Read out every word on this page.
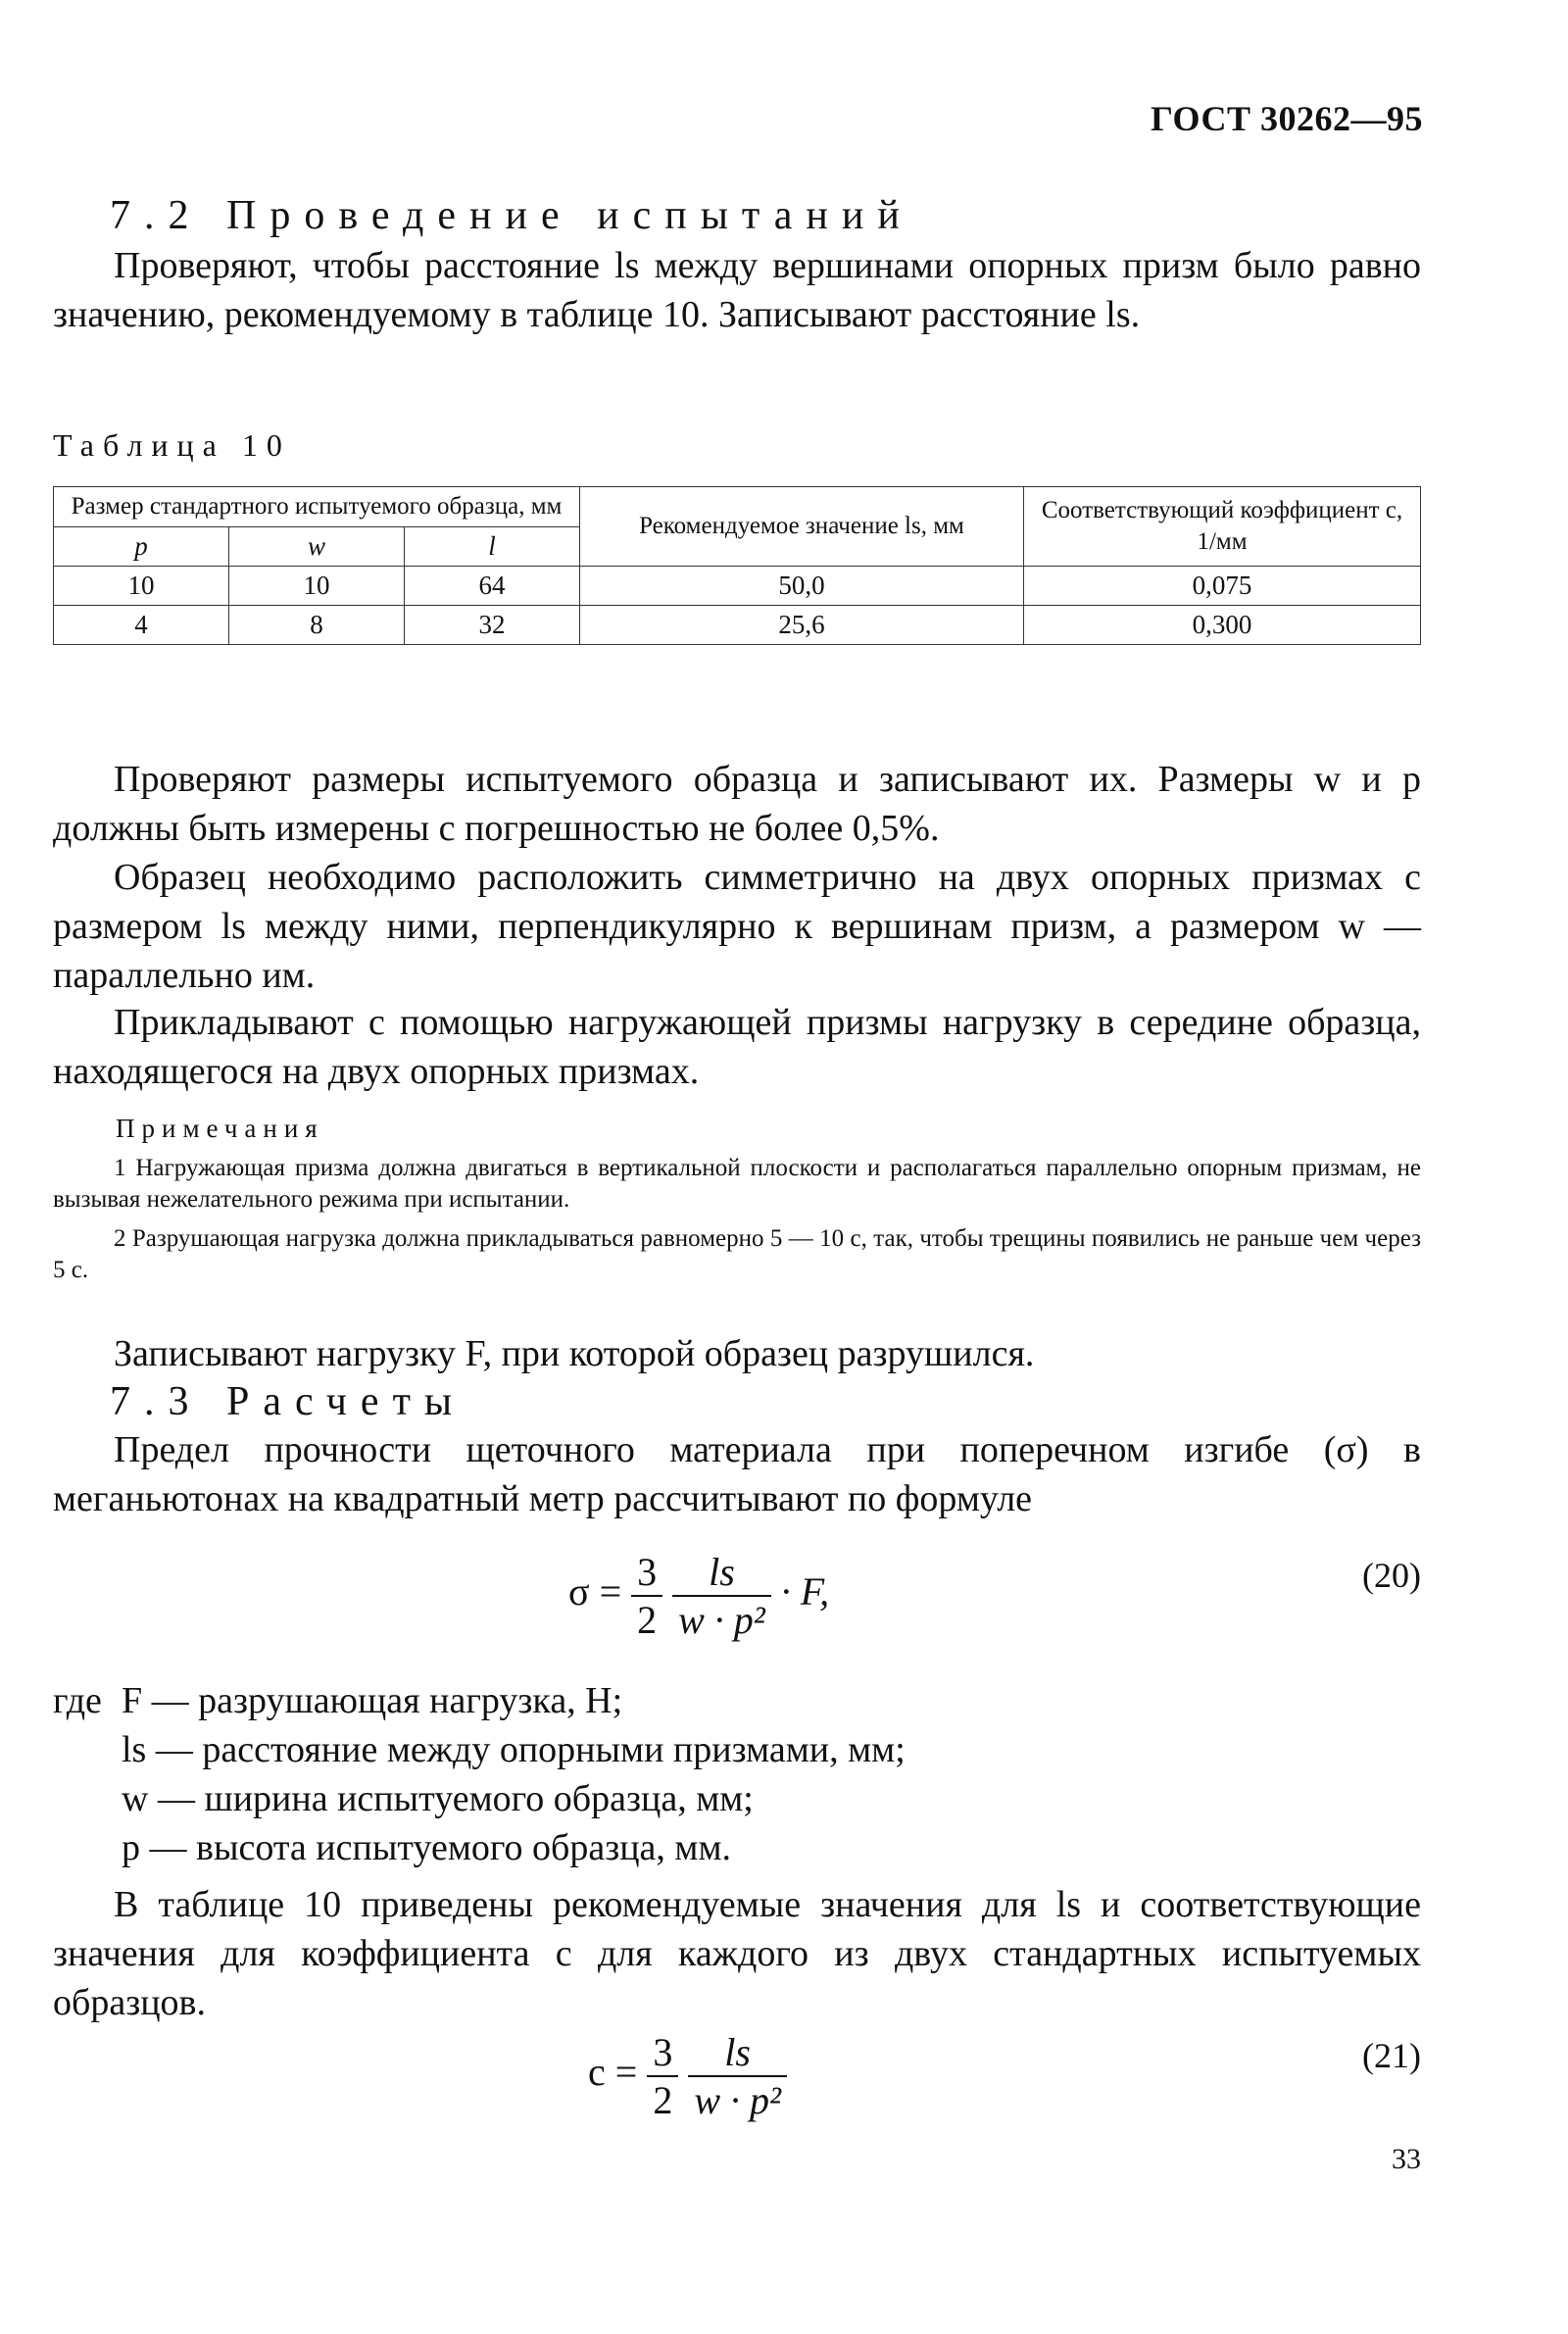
ГОСТ 30262—95
7.2 Проведение испытаний
Проверяют, чтобы расстояние ls между вершинами опорных призм было равно значению, рекомендуемому в таблице 10. Записывают расстояние ls.
Таблица 10
Размер стандартного испытуемого образца, мм			Рекомендуемое значение ls, мм	Соответствующий коэффициент c, 1/мм
p	w	l		
10	10	64	50,0	0,075
4	8	32	25,6	0,300
Проверяют размеры испытуемого образца и записывают их. Размеры w и p должны быть измерены с погрешностью не более 0,5%.
Образец необходимо расположить симметрично на двух опорных призмах с размером ls между ними, перпендикулярно к вершинам призм, а размером w — параллельно им.
Прикладывают с помощью нагружающей призмы нагрузку в середине образца, находящегося на двух опорных призмах.
Примечания
1 Нагружающая призма должна двигаться в вертикальной плоскости и располагаться параллельно опорным призмам, не вызывая нежелательного режима при испытании.
2 Разрушающая нагрузка должна прикладываться равномерно 5 — 10 с, так, чтобы трещины появились не раньше чем через 5 с.
Записывают нагрузку F, при которой образец разрушился.
7.3 Расчеты
Предел прочности щеточного материала при поперечном изгибе (σ) в меганьютонах на квадратный метр рассчитывают по формуле
$\sigma = \frac{3}{2}$
$\frac{ls}{\text{w · p²}} \cdot F$,	(20)
где F — разрушающая нагрузка, Н;
ls — расстояние между опорными призмами, мм;
w — ширина испытуемого образца, мм;
p — высота испытуемого образца, мм.
В таблице 10 приведены рекомендуемые значения для ls и соответствующие значения для коэффициента c для каждого из двух стандартных испытуемых образцов.
$c = \frac{3}{2}$
$\frac{ls}{\text{w · p²}}$	(21)
33
